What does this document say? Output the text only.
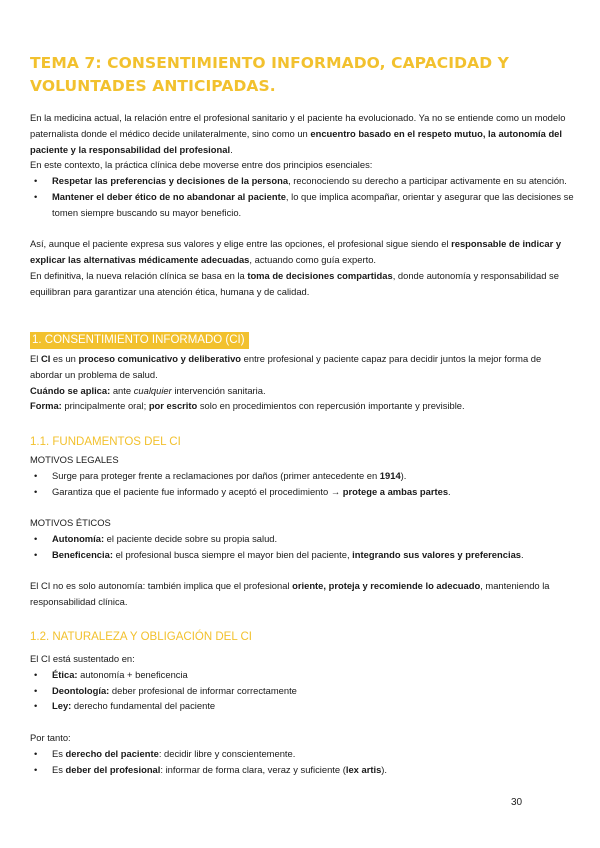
TEMA 7: CONSENTIMIENTO INFORMADO, CAPACIDAD Y VOLUNTADES ANTICIPADAS.

En la medicina actual, la relación entre el profesional sanitario y el paciente ha evolucionado. Ya no se entiende como un modelo paternalista donde el médico decide unilateralmente, sino como un encuentro basado en el respeto mutuo, la autonomía del paciente y la responsabilidad del profesional.

En este contexto, la práctica clínica debe moverse entre dos principios esenciales:

• Respetar las preferencias y decisiones de la persona, reconociendo su derecho a participar activamente en su atención.
• Mantener el deber ético de no abandonar al paciente, lo que implica acompañar, orientar y asegurar que las decisiones se tomen siempre buscando su mayor beneficio.

Así, aunque el paciente expresa sus valores y elige entre las opciones, el profesional sigue siendo el responsable de indicar y explicar las alternativas médicamente adecuadas, actuando como guía experto.

En definitiva, la nueva relación clínica se basa en la toma de decisiones compartidas, donde autonomía y responsabilidad se equilibran para garantizar una atención ética, humana y de calidad.

1. CONSENTIMIENTO INFORMADO (CI)

El CI es un proceso comunicativo y deliberativo entre profesional y paciente capaz para decidir juntos la mejor forma de abordar un problema de salud.

Cuándo se aplica: ante cualquier intervención sanitaria.

Forma: principalmente oral; por escrito solo en procedimientos con repercusión importante y previsible.

1.1. FUNDAMENTOS DEL CI

MOTIVOS LEGALES

• Surge para proteger frente a reclamaciones por daños (primer antecedente en 1914).
• Garantiza que el paciente fue informado y aceptó el procedimiento → protege a ambas partes.

MOTIVOS ÉTICOS

• Autonomía: el paciente decide sobre su propia salud.
• Beneficencia: el profesional busca siempre el mayor bien del paciente, integrando sus valores y preferencias.

El CI no es solo autonomía: también implica que el profesional oriente, proteja y recomiende lo adecuado, manteniendo la responsabilidad clínica.

1.2. NATURALEZA Y OBLIGACIÓN DEL CI

El CI está sustentado en:

• Ética: autonomía + beneficencia
• Deontología: deber profesional de informar correctamente
• Ley: derecho fundamental del paciente

Por tanto:

• Es derecho del paciente: decidir libre y conscientemente.
• Es deber del profesional: informar de forma clara, veraz y suficiente (lex artis).
30
